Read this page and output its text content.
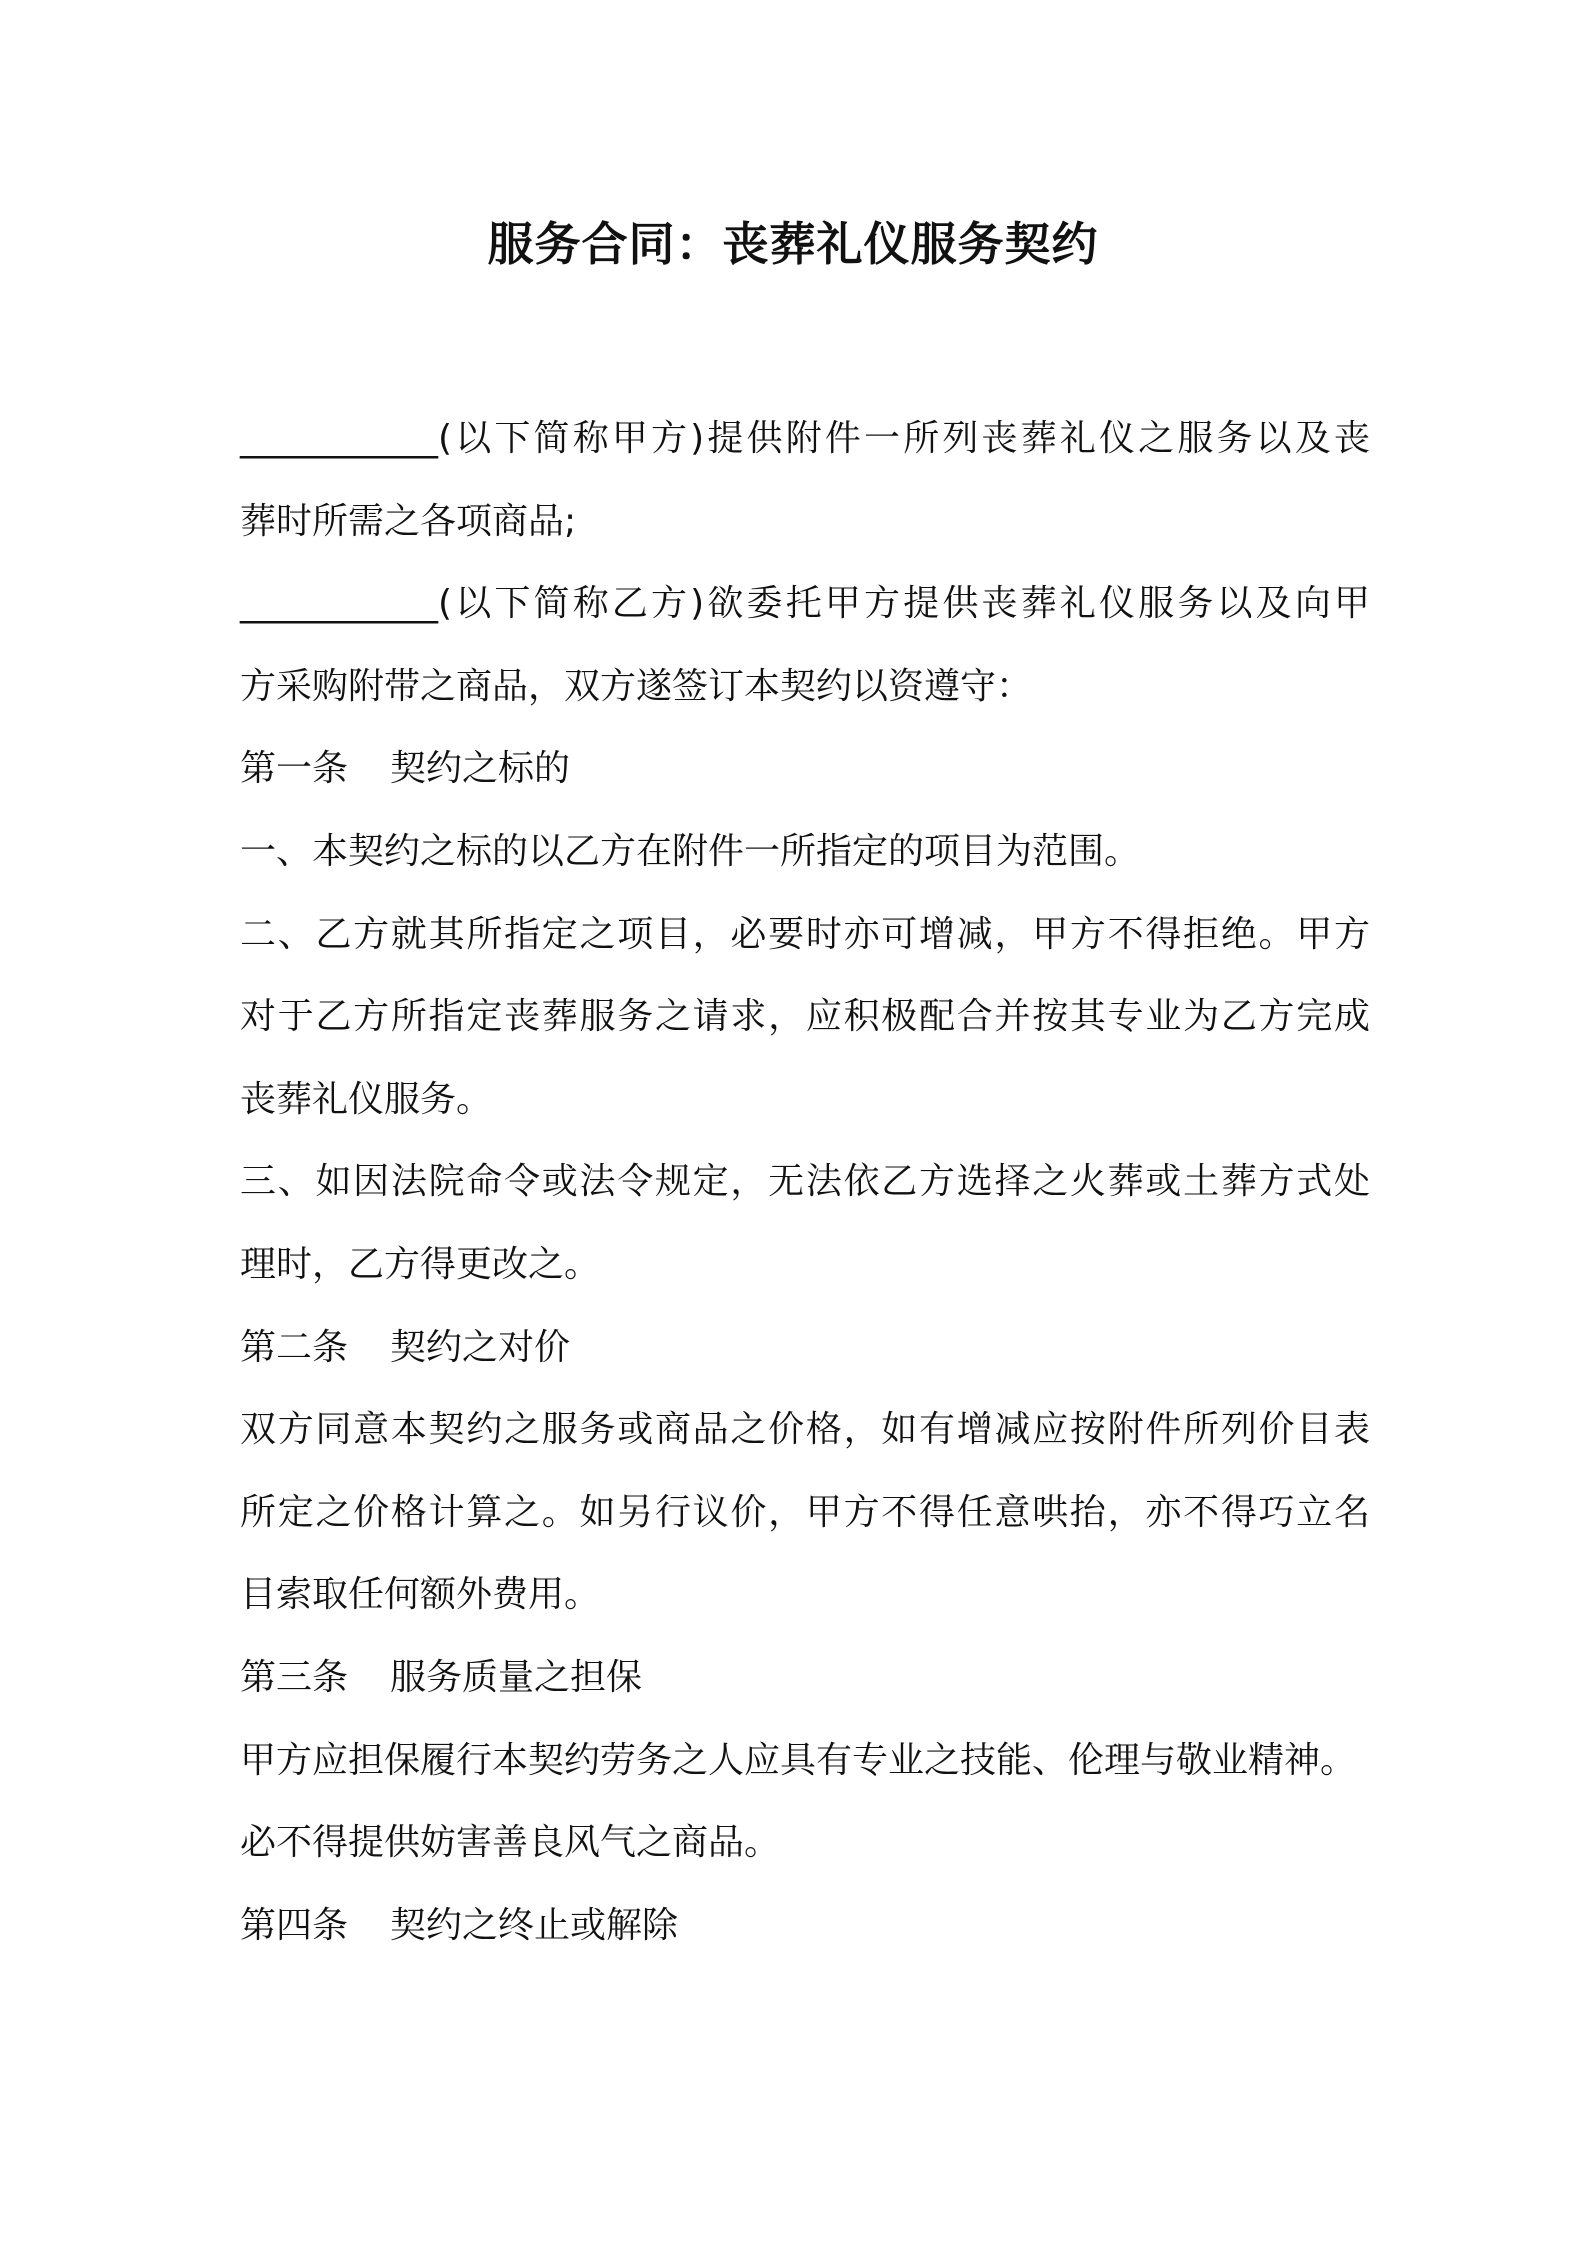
服务合同：丧葬礼仪服务契约
___________(以下简称甲方)提供附件一所列丧葬礼仪之服务以及丧
葬时所需之各项商品;
___________(以下简称乙方)欲委托甲方提供丧葬礼仪服务以及向甲
方采购附带之商品，双方遂签订本契约以资遵守：
第一条 契约之标的
一、本契约之标的以乙方在附件一所指定的项目为范围。
二、乙方就其所指定之项目，必要时亦可增减，甲方不得拒绝。甲方
对于乙方所指定丧葬服务之请求，应积极配合并按其专业为乙方完成
丧葬礼仪服务。
三、如因法院命令或法令规定，无法依乙方选择之火葬或土葬方式处
理时，乙方得更改之。
第二条 契约之对价
双方同意本契约之服务或商品之价格，如有增减应按附件所列价目表
所定之价格计算之。如另行议价，甲方不得任意哄抬，亦不得巧立名
目索取任何额外费用。
第三条 服务质量之担保
甲方应担保履行本契约劳务之人应具有专业之技能、伦理与敬业精神。
必不得提供妨害善良风气之商品。
第四条 契约之终止或解除
